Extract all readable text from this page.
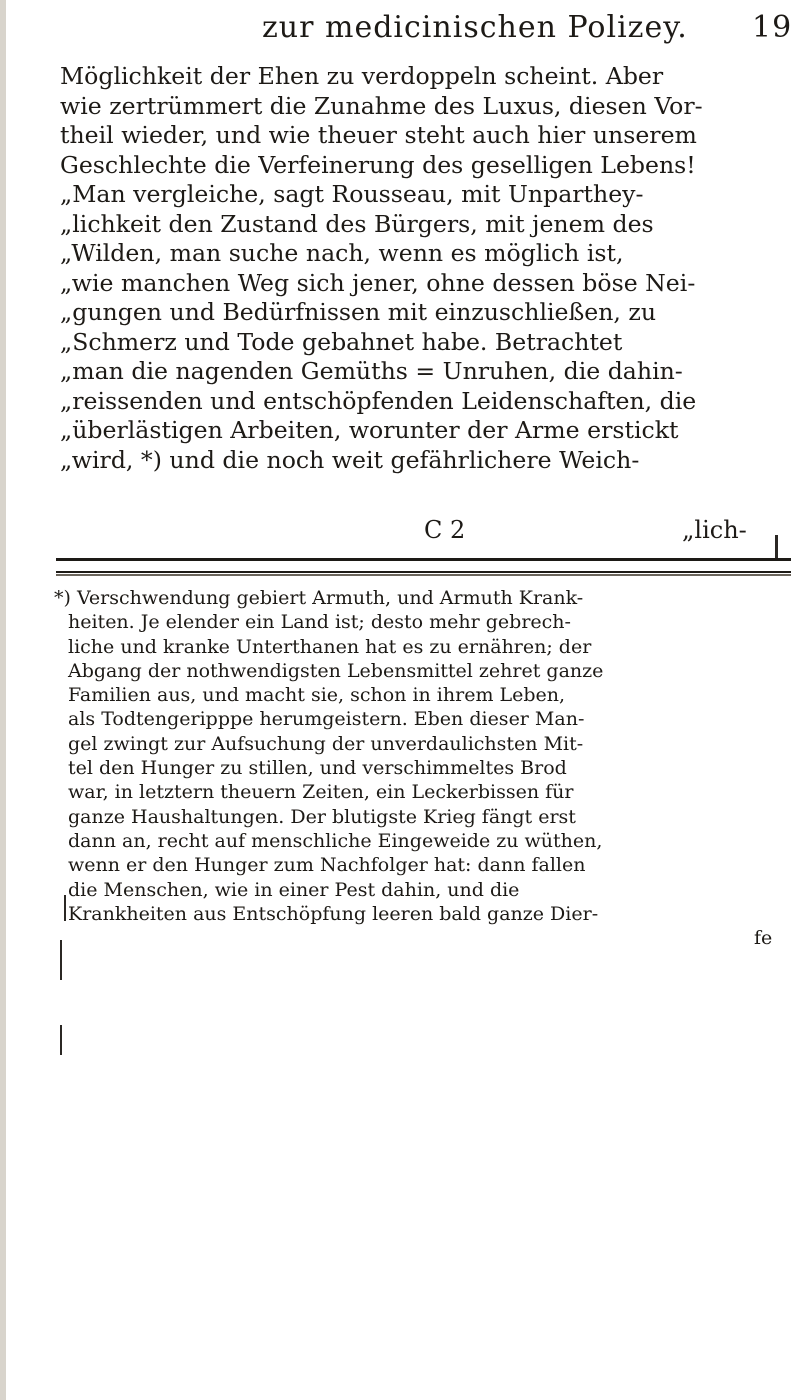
zur medicinischen Polizey. 19
Möglichkeit der Ehen zu verdoppeln scheint. Aber
wie zertrümmert die Zunahme des Luxus, diesen Vor-
theil wieder, und wie theuer steht auch hier unserem
Geschlechte die Verfeinerung des geselligen Lebens!
„Man vergleiche, sagt Rousseau, mit Unparthey-
„lichkeit den Zustand des Bürgers, mit jenem des
„Wilden, man suche nach, wenn es möglich ist,
„wie manchen Weg sich jener, ohne dessen böse Nei-
„gungen und Bedürfnissen mit einzuschließen, zu
„Schmerz und Tode gebahnet habe. Betrachtet
„man die nagenden Gemüths = Unruhen, die dahin-
„reissenden und entschöpfenden Leidenschaften, die
„überlästigen Arbeiten, worunter der Arme erstickt
„wird, *) und die noch weit gefährlichere Weich-
C 2	„lich-
*) Verschwendung gebiert Armuth, und Armuth Krank-
heiten. Je elender ein Land ist; desto mehr gebrech-
liche und kranke Unterthanen hat es zu ernähren; der
Abgang der nothwendigsten Lebensmittel zehret ganze
Familien aus, und macht sie, schon in ihrem Leben,
als Todtengeripppe herumgeistern. Eben dieser Man-
gel zwingt zur Aufsuchung der unverdaulichsten Mit-
tel den Hunger zu stillen, und verschimmeltes Brod
war, in letztern theuern Zeiten, ein Leckerbissen für
ganze Haushaltungen. Der blutigste Krieg fängt erst
dann an, recht auf menschliche Eingeweide zu wüthen,
wenn er den Hunger zum Nachfolger hat: dann fallen
die Menschen, wie in einer Pest dahin, und die
Krankheiten aus Entschöpfung leeren bald ganze Dier-
fe
